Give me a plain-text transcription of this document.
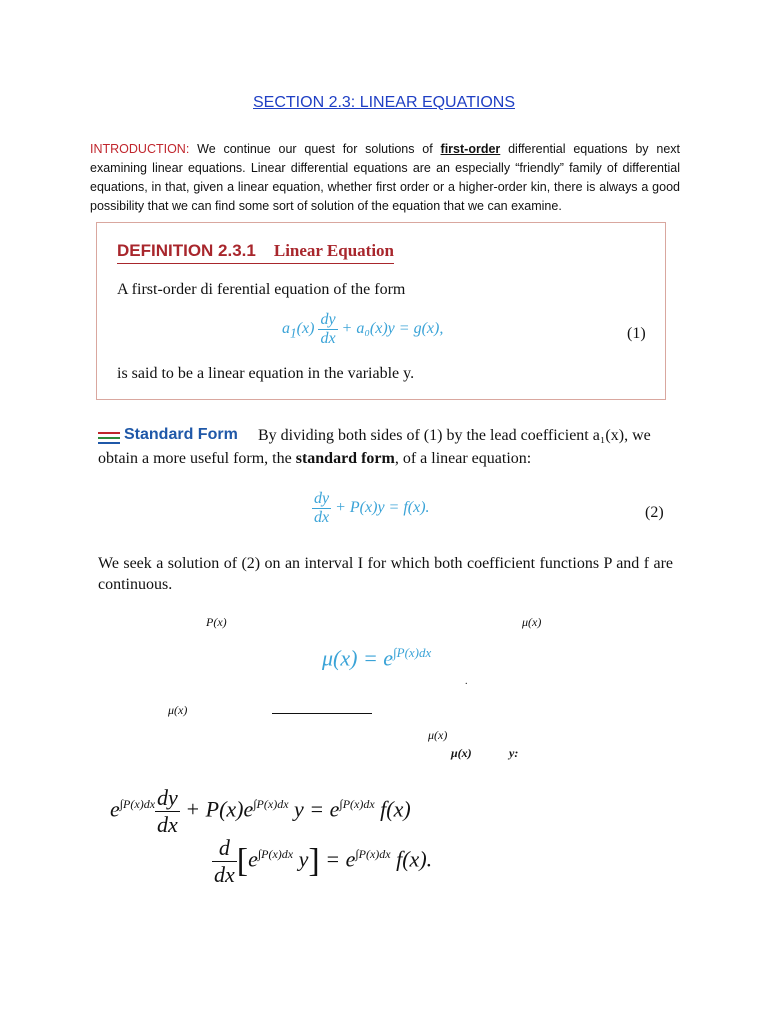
SECTION 2.3: LINEAR EQUATIONS
INTRODUCTION: We continue our quest for solutions of first-order differential equations by next examining linear equations. Linear differential equations are an especially “friendly” family of differential equations, in that, given a linear equation, whether first order or a higher-order kin, there is always a good possibility that we can find some sort of solution of the equation that we can examine.
DEFINITION 2.3.1 Linear Equation
A first-order di ferential equation of the form
$a_1(x) \frac{dy}{dx} + a_0(x)y = g(x)$,	(1)
is said to be a linear equation in the variable y.
Standard Form By dividing both sides of (1) by the lead coefficient a₁(x), we
obtain a more useful form, the standard form, of a linear equation:
$\frac{dy}{dx} + P(x)y = f(x)$.	(2)
We seek a solution of (2) on an interval I for which both coefficient functions P and f are continuous.
P(x)	μ(x)
$\mu(x) = e^{\int P(x)dx}$
.
μ(x)
μ(x)
μ(x)	y:
$e^{\int P(x)dx} \frac{dy}{dx} + P(x)e^{\int P(x)dx}$ $y = e^{\int P(x)dx}$ f(x)
$\frac{d}{dx} [e^{\int P(x)dx}$ $y] = e^{\int P(x)dx}$ f(x).
